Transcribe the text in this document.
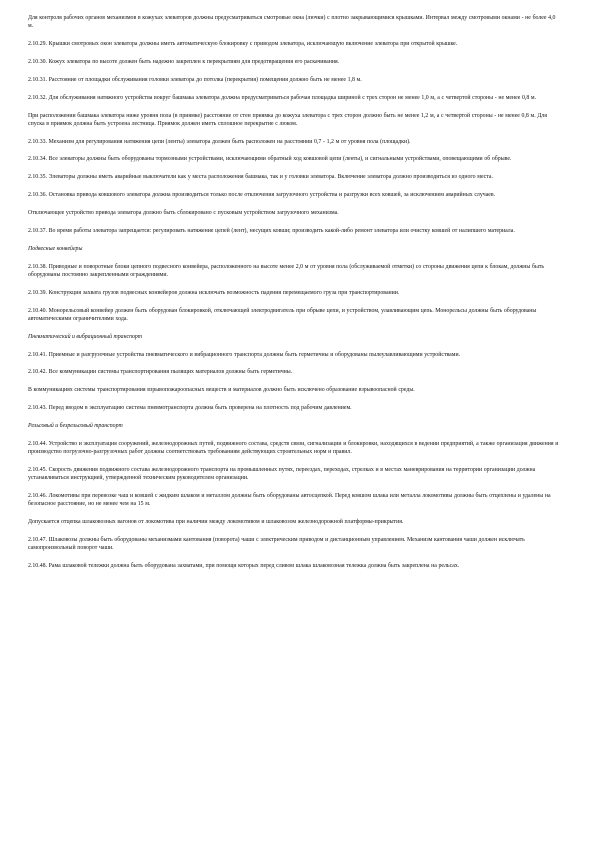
Для контроля рабочих органов механизмов в кожухах элеваторов должны предусматриваться смотровые окна (лючки) с плотно закрывающимися крышками. Интервал между смотровыми окнами - не более 4,0 м.

2.10.29. Крышки смотровых окон элеватора должны иметь автоматическую блокировку с приводом элеватора, исключающую включение элеватора при открытой крышке.

2.10.30. Кожух элеватора по высоте должен быть надежно закреплен к перекрытиям для предотвращения его раскачивания.

2.10.31. Расстояние от площадки обслуживания головки элеватора до потолка (перекрытия) помещения должно быть не менее 1,8 м.

2.10.32. Для обслуживания натяжного устройства вокруг башмака элеватора должна предусматриваться рабочая площадка шириной с трех сторон не менее 1,0 м, а с четвертой стороны - не менее 0,8 м.

При расположении башмака элеватора ниже уровня пола (в приямке) расстояние от стен приямка до кожуха элеватора с трех сторон должно быть не менее 1,2 м, а с четвертой стороны - не менее 0,8 м. Для спуска в приямок должна быть устроена лестница. Приямок должен иметь сплошное перекрытие с люком.

2.10.33. Механизм для регулирования натяжения цепи (ленты) элеватора должен быть расположен на расстоянии 0,7 - 1,2 м от уровня пола (площадки).

2.10.34. Все элеваторы должны быть оборудованы тормозными устройствами, исключающими обратный ход ковшовой цепи (ленты), и сигнальными устройствами, оповещающими об обрыве.

2.10.35. Элеваторы должны иметь аварийные выключатели как у места расположения башмака, так и у головки элеватора. Включение элеватора должно производиться из одного места.

2.10.36. Остановка привода ковшового элеватора должна производиться только после отключения загрузочного устройства и разгрузки всех ковшей, за исключением аварийных случаев.

Отключающее устройство привода элеватора должно быть сблокировано с пусковым устройством загрузочного механизма.

2.10.37. Во время работы элеватора запрещается: регулировать натяжение цепей (лент), несущих ковши; производить какой-либо ремонт элеватора или очистку ковшей от налипшего материала.

Подвесные конвейеры

2.10.38. Приводные и поворотные блоки цепного подвесного конвейера, расположенного на высоте менее 2,0 м от уровня пола (обслуживаемой отметки) со стороны движения цепи к блокам, должны быть оборудованы постоянно закрепленными ограждениями.

2.10.39. Конструкция захвата грузов подвесных конвейеров должна исключать возможность падения перемещаемого груза при транспортировании.

2.10.40. Монорельсовый конвейер должен быть оборудован блокировкой, отключающей электродвигатель при обрыве цепи, и устройством, улавливающим цепь. Монорельсы должны быть оборудованы автоматическими ограничителями хода.

Пневматический и вибрационный транспорт

2.10.41. Приемные и разгрузочные устройства пневматического и вибрационного транспорта должны быть герметичны и оборудованы пылеулавливающими устройствами.

2.10.42. Все коммуникации системы транспортирования пылящих материалов должны быть герметичны.

В коммуникациях системы транспортирования взрывопожароопасных веществ и материалов должно быть исключено образование взрывоопасной среды.

2.10.43. Перед вводом в эксплуатацию система пневмотранспорта должна быть проверена на плотность под рабочим давлением.

Рельсовый и безрельсовый транспорт

2.10.44. Устройство и эксплуатация сооружений, железнодорожных путей, подвижного состава, средств связи, сигнализации и блокировки, находящихся в ведении предприятий, а также организация движения и производство погрузочно-разгрузочных работ должны соответствовать требованиям действующих строительных норм и правил.

2.10.45. Скорость движения подвижного состава железнодорожного транспорта на промышленных путях, переездах, переходах, стрелках и в местах маневрирования на территории организации должна устанавливаться инструкцией, утвержденной техническим руководителем организации.

2.10.46. Локомотивы при перевозке чаш и ковшей с жидким шлаком и металлом должны быть оборудованы автосцепкой. Перед ковшом шлака или металла локомотивы должны быть отцеплены и удалены на безопасное расстояние, но не менее чем на 15 м.

Допускается отцепка шлаковозных вагонов от локомотива при наличии между локомотивом и шлаковозом железнодорожной платформы-прикрытия.

2.10.47. Шлаковозы должны быть оборудованы механизмами кантования (поворота) чаши с электрическим приводом и дистанционным управлением. Механизм кантования чаши должен исключать самопроизвольный поворот чаши.

2.10.48. Рама шлаковой тележки должна быть оборудована захватами, при помощи которых перед сливом шлака шлаковозная тележка должна быть закреплена на рельсах.
